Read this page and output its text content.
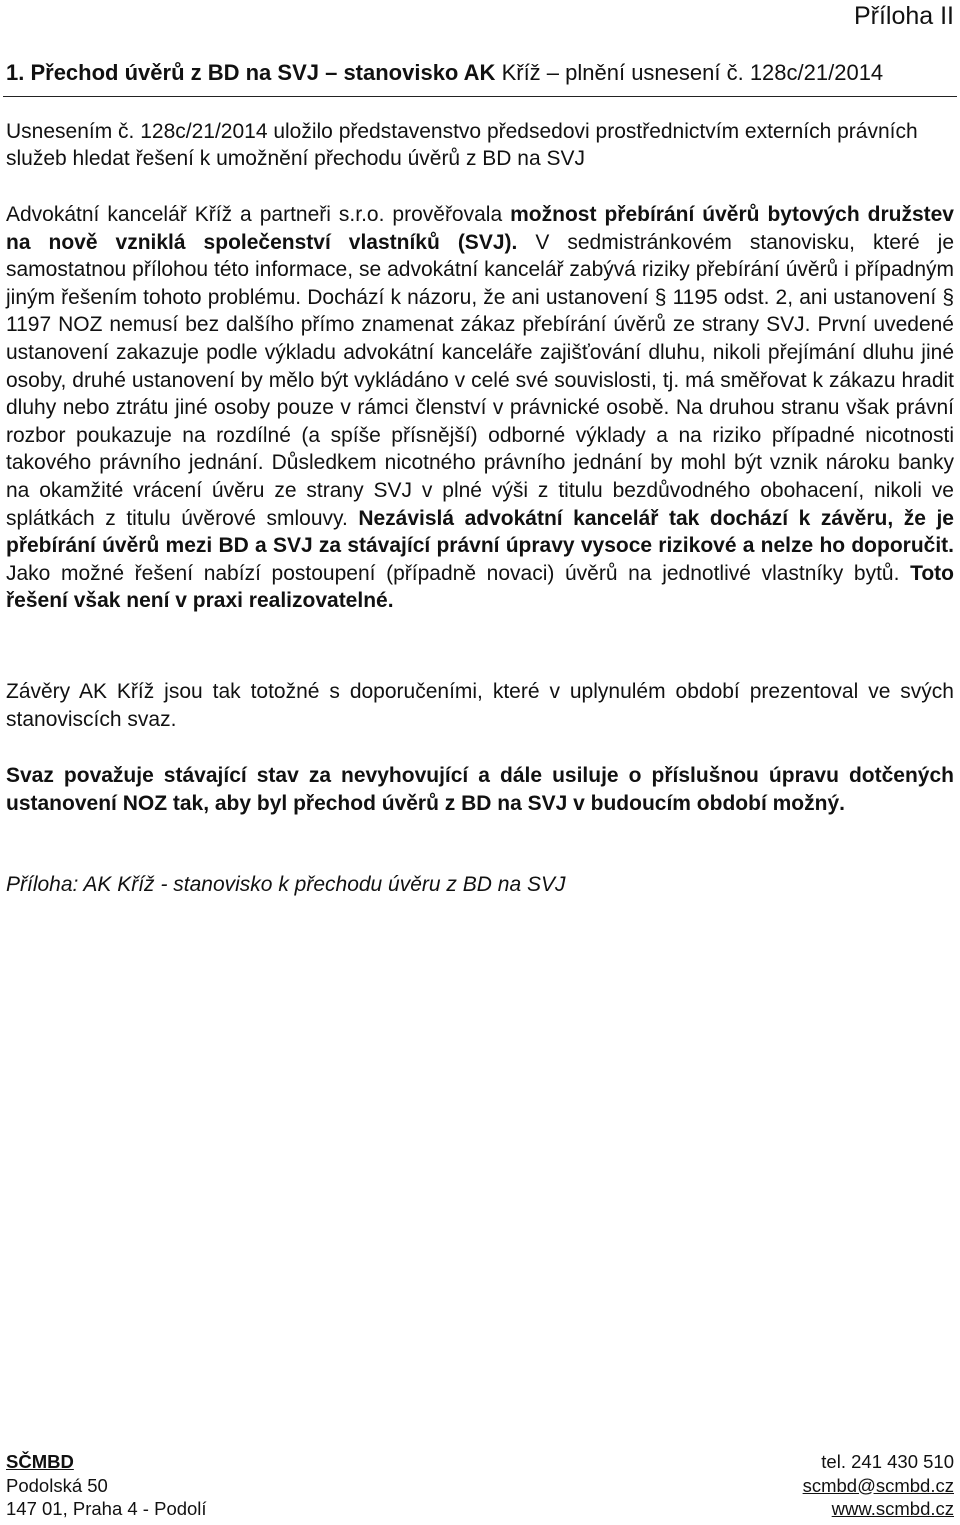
Příloha II
1. Přechod úvěrů z BD na SVJ – stanovisko AK Kříž – plnění usnesení č. 128c/21/2014

Usnesením č. 128c/21/2014 uložilo představenstvo předsedovi prostřednictvím externích právních služeb hledat řešení k umožnění přechodu úvěrů z BD na SVJ

Advokátní kancelář Kříž a partneři s.r.o. prověřovala možnost přebírání úvěrů bytových družstev na nově vzniklá společenství vlastníků (SVJ). V sedmistránkovém stanovisku, které je samostatnou přílohou této informace, se advokátní kancelář zabývá riziky přebírání úvěrů i případným jiným řešením tohoto problému. Dochází k názoru, že ani ustanovení § 1195 odst. 2, ani ustanovení § 1197 NOZ nemusí bez dalšího přímo znamenat zákaz přebírání úvěrů ze strany SVJ. První uvedené ustanovení zakazuje podle výkladu advokátní kanceláře zajišťování dluhu, nikoli přejímání dluhu jiné osoby, druhé ustanovení by mělo být vykládáno v celé své souvislosti, tj. má směřovat k zákazu hradit dluhy nebo ztrátu jiné osoby pouze v rámci členství v právnické osobě. Na druhou stranu však právní rozbor poukazuje na rozdílné (a spíše přísnější) odborné výklady a na riziko případné nicotnosti takového právního jednání. Důsledkem nicotného právního jednání by mohl být vznik nároku banky na okamžité vrácení úvěru ze strany SVJ v plné výši z titulu bezdůvodného obohacení, nikoli ve splátkách z titulu úvěrové smlouvy. Nezávislá advokátní kancelář tak dochází k závěru, že je přebírání úvěrů mezi BD a SVJ za stávající právní úpravy vysoce rizikové a nelze ho doporučit. Jako možné řešení nabízí postoupení (případně novaci) úvěrů na jednotlivé vlastníky bytů. Toto řešení však není v praxi realizovatelné.

Závěry AK Kříž jsou tak totožné s doporučeními, které v uplynulém období prezentoval ve svých stanoviscích svaz.

Svaz považuje stávající stav za nevyhovující a dále usiluje o příslušnou úpravu dotčených ustanovení NOZ tak, aby byl přechod úvěrů z BD na SVJ v budoucím období možný.

Příloha: AK Kříž - stanovisko k přechodu úvěru z BD na SVJ
SČMBD
Podolská 50
147 01, Praha 4 - Podolí
tel. 241 430 510
scmbd@scmbd.cz
www.scmbd.cz
